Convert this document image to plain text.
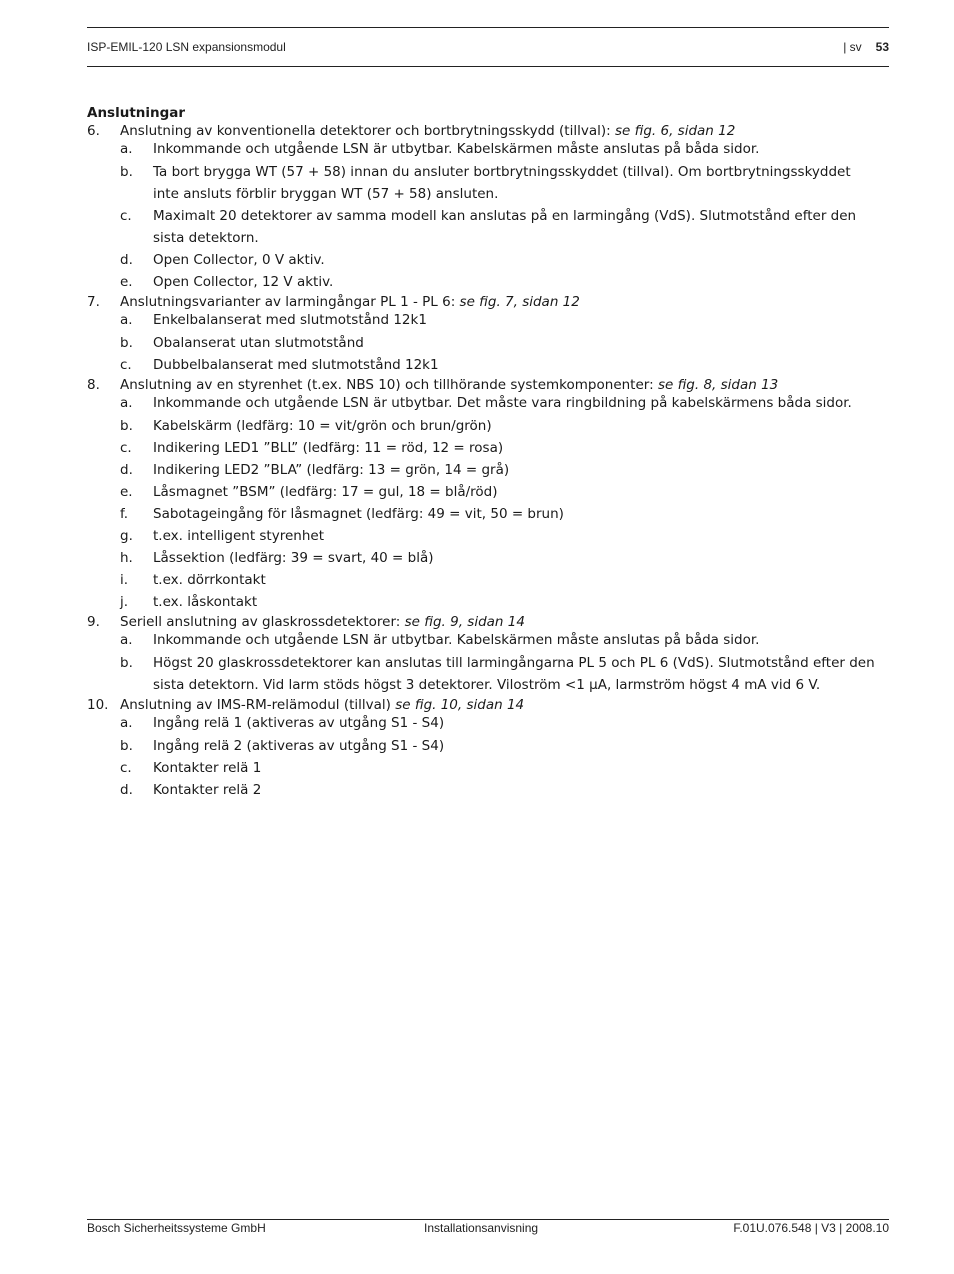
ISP-EMIL-120 LSN expansionsmodul	| sv 53
Anslutningar
6. Anslutning av konventionella detektorer och bortbrytningsskydd (tillval): se fig. 6, sidan 12
a. Inkommande och utgående LSN är utbytbar. Kabelskärmen måste anslutas på båda sidor.
b. Ta bort brygga WT (57 + 58) innan du ansluter bortbrytningsskyddet (tillval). Om bortbrytningsskyddet inte ansluts förblir bryggan WT (57 + 58) ansluten.
c. Maximalt 20 detektorer av samma modell kan anslutas på en larmingång (VdS). Slutmotstånd efter den sista detektorn.
d. Open Collector, 0 V aktiv.
e. Open Collector, 12 V aktiv.
7. Anslutningsvarianter av larmingångar PL 1 - PL 6: se fig. 7, sidan 12
a. Enkelbalanserat med slutmotstånd 12k1
b. Obalanserat utan slutmotstånd
c. Dubbelbalanserat med slutmotstånd 12k1
8. Anslutning av en styrenhet (t.ex. NBS 10) och tillhörande systemkomponenter: se fig. 8, sidan 13
a. Inkommande och utgående LSN är utbytbar. Det måste vara ringbildning på kabelskärmens båda sidor.
b. Kabelskärm (ledfärg: 10 = vit/grön och brun/grön)
c. Indikering LED1 ”BLL” (ledfärg: 11 = röd, 12 = rosa)
d. Indikering LED2 ”BLA” (ledfärg: 13 = grön, 14 = grå)
e. Låsmagnet ”BSM” (ledfärg: 17 = gul, 18 = blå/röd)
f. Sabotageingång för låsmagnet (ledfärg: 49 = vit, 50 = brun)
g. t.ex. intelligent styrenhet
h. Låssektion (ledfärg: 39 = svart, 40 = blå)
i. t.ex. dörrkontakt
j. t.ex. låskontakt
9. Seriell anslutning av glaskrossdetektorer: se fig. 9, sidan 14
a. Inkommande och utgående LSN är utbytbar. Kabelskärmen måste anslutas på båda sidor.
b. Högst 20 glaskrossdetektorer kan anslutas till larmingångarna PL 5 och PL 6 (VdS). Slutmotstånd efter den sista detektorn. Vid larm stöds högst 3 detektorer. Viloström <1 µA, larmström högst 4 mA vid 6 V.
10. Anslutning av IMS-RM-relämodul (tillval) se fig. 10, sidan 14
a. Ingång relä 1 (aktiveras av utgång S1 - S4)
b. Ingång relä 2 (aktiveras av utgång S1 - S4)
c. Kontakter relä 1
d. Kontakter relä 2
Bosch Sicherheitssysteme GmbH	Installationsanvisning	F.01U.076.548 | V3 | 2008.10
